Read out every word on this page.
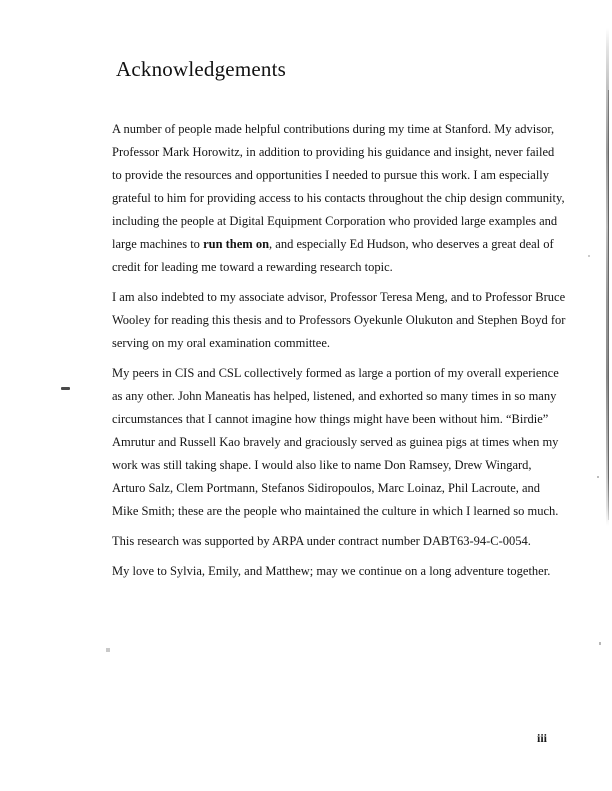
Acknowledgements
A number of people made helpful contributions during my time at Stanford. My advisor,
Professor Mark Horowitz, in addition to providing his guidance and insight, never failed
to provide the resources and opportunities I needed to pursue this work. I am especially
grateful to him for providing access to his contacts throughout the chip design community,
including the people at Digital Equipment Corporation who provided large examples and
large machines to run them on, and especially Ed Hudson, who deserves a great deal of
credit for leading me toward a rewarding research topic.
I am also indebted to my associate advisor, Professor Teresa Meng, and to Professor Bruce
Wooley for reading this thesis and to Professors Oyekunle Olukuton and Stephen Boyd for
serving on my oral examination committee.
My peers in CIS and CSL collectively formed as large a portion of my overall experience
as any other. John Maneatis has helped, listened, and exhorted so many times in so many
circumstances that I cannot imagine how things might have been without him. “Birdie”
Amrutur and Russell Kao bravely and graciously served as guinea pigs at times when my
work was still taking shape. I would also like to name Don Ramsey, Drew Wingard,
Arturo Salz, Clem Portmann, Stefanos Sidiropoulos, Marc Loinaz, Phil Lacroute, and
Mike Smith; these are the people who maintained the culture in which I learned so much.
This research was supported by ARPA under contract number DABT63-94-C-0054.
My love to Sylvia, Emily, and Matthew; may we continue on a long adventure together.
iii
